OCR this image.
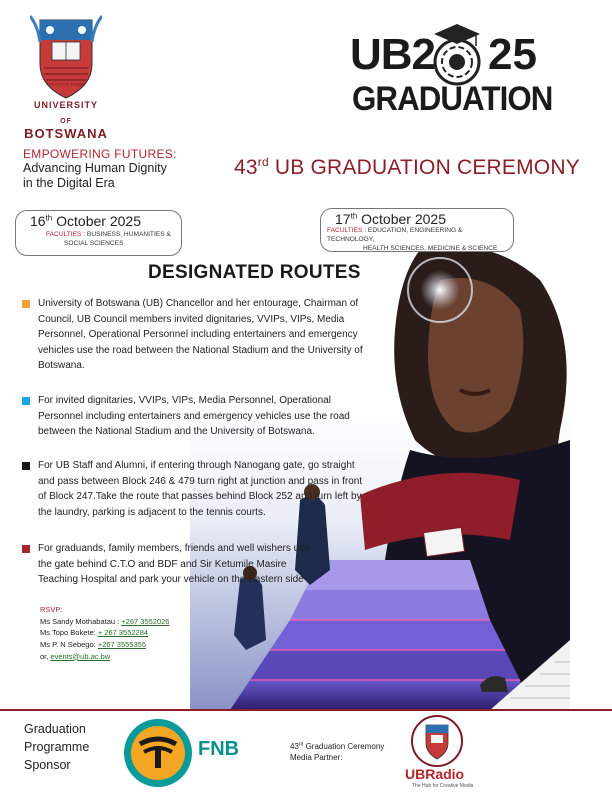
THUTO KE THEBE
UNIVERSITY
OF BOTSWANA
UB2 25
GRADUATION
EMPOWERING FUTURES:
Advancing Human Dignity
in the Digital Era
43rd UB GRADUATION CEREMONY
16th October 2025
FACULTIES : BUSINESS, HUMANITIES &
SOCIAL SCIENCES
17th October 2025
FACULTIES : EDUCATION, ENGINEERING & TECHNOLOGY,
HEALTH SCIENCES, MEDICINE & SCIENCE
DESIGNATED ROUTES
University of Botswana (UB) Chancellor and her entourage, Chairman of Council, UB Council members invited dignitaries, VVIPs, VIPs, Media Personnel, Operational Personnel including entertainers and emergency vehicles use the road between the National Stadium and the University of Botswana.
For invited dignitaries, VVIPs, VIPs, Media Personnel, Operational Personnel including entertainers and emergency vehicles use the road between the National Stadium and the University of Botswana.
For UB Staff and Alumni, if entering through Nanogang gate, go straight and pass between Block 246 & 479 turn right at junction and pass in front of Block 247.Take the route that passes behind Block 252 and turn left by the laundry, parking is adjacent to the tennis courts.
For graduands, family members, friends and well wishers use the gate behind C.T.O and BDF and Sir Ketumile Masire Teaching Hospital and park your vehicle on the Eastern side
RSVP:
Ms Sandy Mothabatau : +267 3552026
Ms Topo Bokete: + 267 3552284
Ms P. N Sebego: +267 3555355
or, events@ub.ac.bw
Graduation
Programme
Sponsor
FNB	43rd Graduation Ceremony
Media Partner:
UBRadio
The Hub for Creative Media
